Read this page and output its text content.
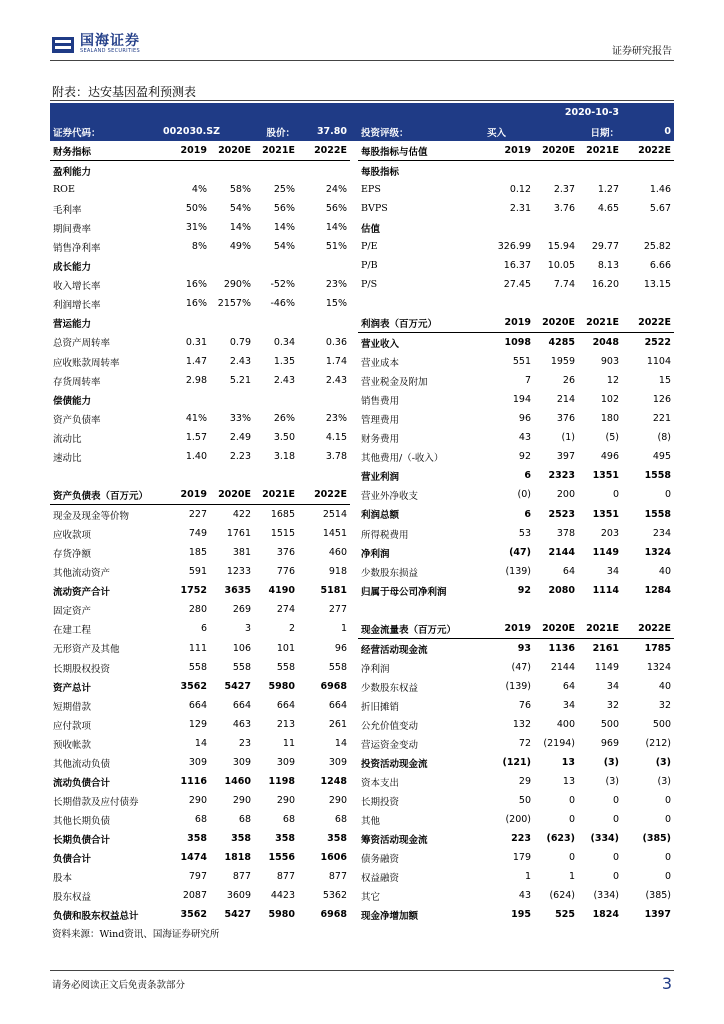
国海证券
SEALAND SECURITIES	证券研究报告
附表：达安基因盈利预测表
2020-10-3										
证券代码：	002030.SZ		股价：	37.80		投资评级：	买入		日期：	0
财务指标	2019	2020E	2021E	2022E		每股指标与估值	2019	2020E	2021E	2022E
盈利能力						每股指标				
ROE	4%	58%	25%	24%		EPS	0.12	2.37	1.27	1.46
毛利率	50%	54%	56%	56%		BVPS	2.31	3.76	4.65	5.67
期间费率	31%	14%	14%	14%		估值				
销售净利率	8%	49%	54%	51%		P/E	326.99	15.94	29.77	25.82
成长能力						P/B	16.37	10.05	8.13	6.66
收入增长率	16%	290%	-52%	23%		P/S	27.45	7.74	16.20	13.15
利润增长率	16%	2157%	-46%	15%						
营运能力						利润表（百万元）	2019	2020E	2021E	2022E
总资产周转率	0.31	0.79	0.34	0.36		营业收入	1098	4285	2048	2522
应收账款周转率	1.47	2.43	1.35	1.74		营业成本	551	1959	903	1104
存货周转率	2.98	5.21	2.43	2.43		营业税金及附加	7	26	12	15
偿债能力						销售费用	194	214	102	126
资产负债率	41%	33%	26%	23%		管理费用	96	376	180	221
流动比	1.57	2.49	3.50	4.15		财务费用	43	(1)	(5)	(8)
速动比	1.40	2.23	3.18	3.78		其他费用/（-收入）	92	397	496	495
						营业利润	6	2323	1351	1558
资产负债表（百万元）	2019	2020E	2021E	2022E		营业外净收支	(0)	200	0	0
现金及现金等价物	227	422	1685	2514		利润总额	6	2523	1351	1558
应收款项	749	1761	1515	1451		所得税费用	53	378	203	234
存货净额	185	381	376	460		净利润	(47)	2144	1149	1324
其他流动资产	591	1233	776	918		少数股东损益	(139)	64	34	40
流动资产合计	1752	3635	4190	5181		归属于母公司净利润	92	2080	1114	1284
固定资产	280	269	274	277						
在建工程	6	3	2	1		现金流量表（百万元）	2019	2020E	2021E	2022E
无形资产及其他	111	106	101	96		经营活动现金流	93	1136	2161	1785
长期股权投资	558	558	558	558		净利润	(47)	2144	1149	1324
资产总计	3562	5427	5980	6968		少数股东权益	(139)	64	34	40
短期借款	664	664	664	664		折旧摊销	76	34	32	32
应付款项	129	463	213	261		公允价值变动	132	400	500	500
预收帐款	14	23	11	14		营运资金变动	72	(2194)	969	(212)
其他流动负债	309	309	309	309		投资活动现金流	(121)	13	(3)	(3)
流动负债合计	1116	1460	1198	1248		资本支出	29	13	(3)	(3)
长期借款及应付债券	290	290	290	290		长期投资	50	0	0	0
其他长期负债	68	68	68	68		其他	(200)	0	0	0
长期负债合计	358	358	358	358		筹资活动现金流	223	(623)	(334)	(385)
负债合计	1474	1818	1556	1606		债务融资	179	0	0	0
股本	797	877	877	877		权益融资	1	1	0	0
股东权益	2087	3609	4423	5362		其它	43	(624)	(334)	(385)
负债和股东权益总计	3562	5427	5980	6968		现金净增加额	195	525	1824	1397
资料来源：Wind资讯、国海证券研究所
请务必阅读正文后免责条款部分	3
